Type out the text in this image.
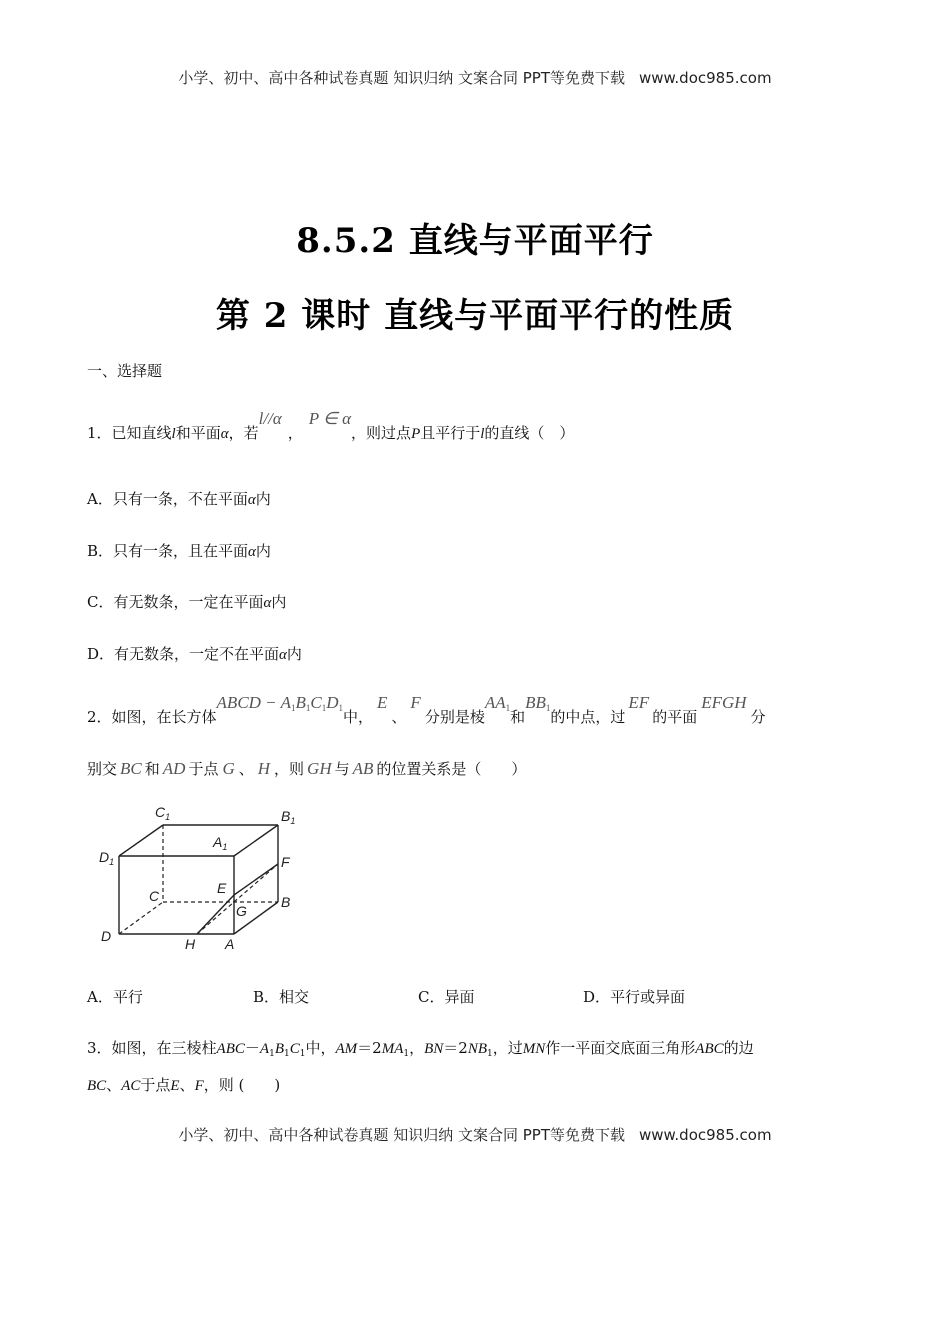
小学、初中、高中各种试卷真题 知识归纳 文案合同 PPT等免费下载 www.doc985.com
8.5.2 直线与平面平行
第 2 课时 直线与平面平行的性质
一、选择题
1．已知直线l和平面α，若l//α，P ∈ α，则过点P且平行于l的直线（　）
A．只有一条，不在平面α内
B．只有一条，且在平面α内
C．有无数条，一定在平面α内
D．有无数条，一定不在平面α内
2．如图，在长方体ABCD − $A_1B_1C_1D_1$中，E、F分别是棱$AA_1$和$BB_1$的中点，过EF的平面EFGH分
别交 BC 和 AD 于点 G 、 H ，则 GH 与 AB 的位置关系是（　　）
$C_1$	$B_1$
$A_1$
$D_1$	F
E
C
G
B
D	H A
A．平行	B．相交	C．异面	D．平行或异面
3．如图，在三棱柱$ABC-A_1B_1C_1$中，$AM=2MA_1$，$BN=2NB_1$，过MN作一平面交底面三角形ABC的边
BC、AC于点E、F，则 (　　)
小学、初中、高中各种试卷真题 知识归纳 文案合同 PPT等免费下载 www.doc985.com
